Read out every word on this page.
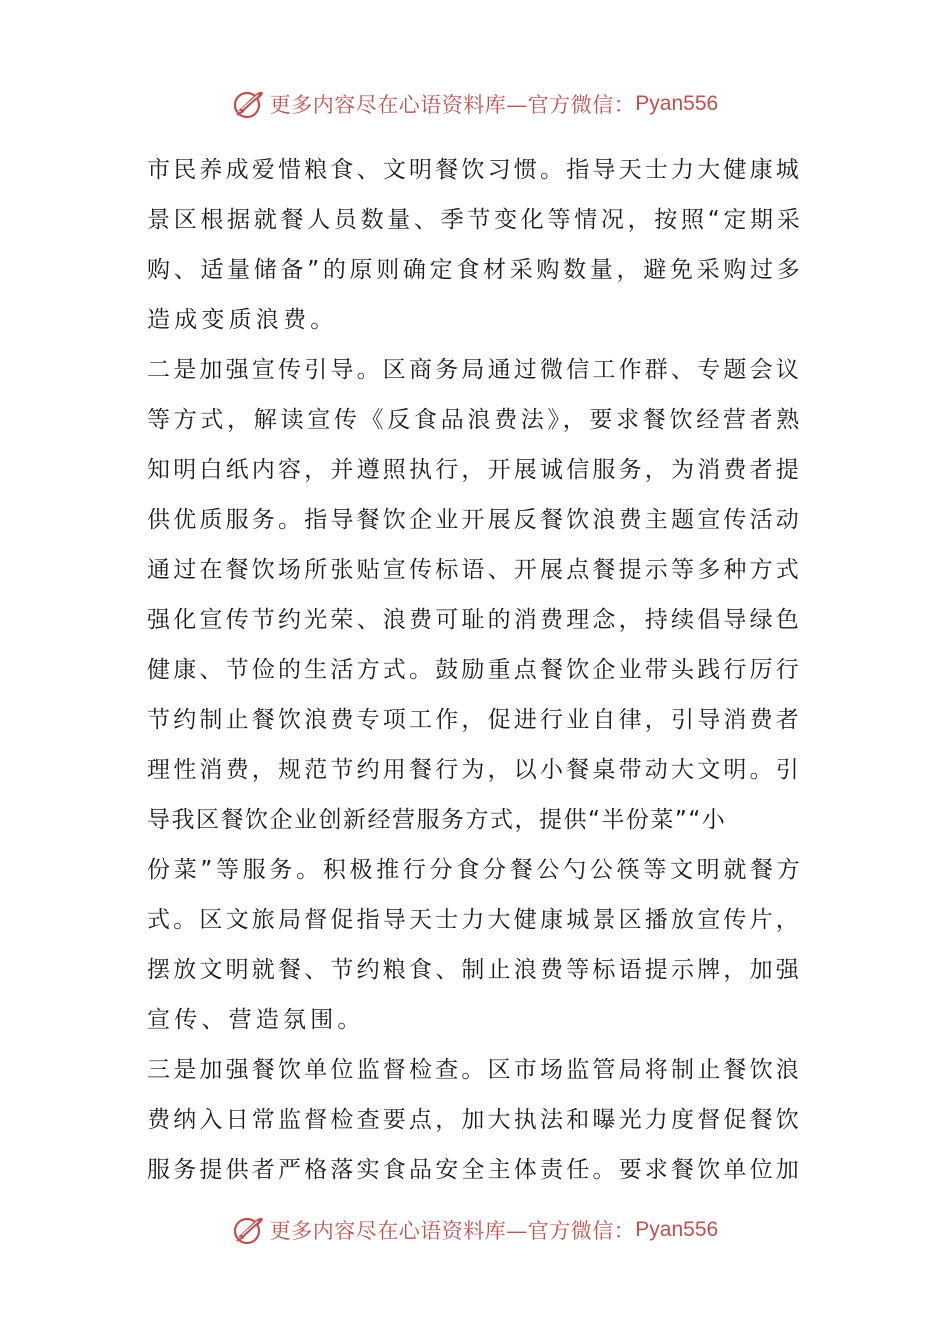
更多内容尽在心语资料库—官方微信： Pyan556
市民养成爱惜粮食、文明餐饮习惯。指导天士力大健康城
景区根据就餐人员数量、季节变化等情况，按照“定期采
购、适量储备”的原则确定食材采购数量，避免采购过多
造成变质浪费。
二是加强宣传引导。区商务局通过微信工作群、专题会议
等方式，解读宣传《反食品浪费法》，要求餐饮经营者熟
知明白纸内容，并遵照执行，开展诚信服务，为消费者提
供优质服务。指导餐饮企业开展反餐饮浪费主题宣传活动
通过在餐饮场所张贴宣传标语、开展点餐提示等多种方式
强化宣传节约光荣、浪费可耻的消费理念，持续倡导绿色
健康、节俭的生活方式。鼓励重点餐饮企业带头践行厉行
节约制止餐饮浪费专项工作，促进行业自律，引导消费者
理性消费，规范节约用餐行为，以小餐桌带动大文明。引
导我区餐饮企业创新经营服务方式，提供“半份菜”“小
份菜”等服务。积极推行分食分餐公勺公筷等文明就餐方
式。区文旅局督促指导天士力大健康城景区播放宣传片，
摆放文明就餐、节约粮食、制止浪费等标语提示牌，加强
宣传、营造氛围。
三是加强餐饮单位监督检查。区市场监管局将制止餐饮浪
费纳入日常监督检查要点，加大执法和曝光力度督促餐饮
服务提供者严格落实食品安全主体责任。要求餐饮单位加
更多内容尽在心语资料库—官方微信： Pyan556
